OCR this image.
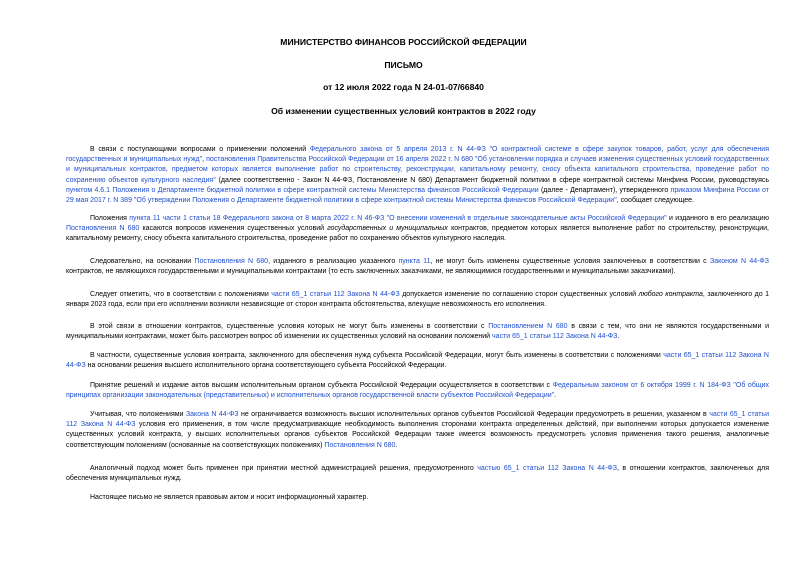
МИНИСТЕРСТВО ФИНАНСОВ РОССИЙСКОЙ ФЕДЕРАЦИИ
ПИСЬМО
от 12 июля 2022 года N 24-01-07/66840
Об изменении существенных условий контрактов в 2022 году

В связи с поступающими вопросами о применении положений Федерального закона от 5 апреля 2013 г. N 44-ФЗ "О контрактной системе в сфере закупок товаров, работ, услуг для обеспечения государственных и муниципальных нужд", постановления Правительства Российской Федерации от 16 апреля 2022 г. N 680 "Об установлении порядка и случаев изменения существенных условий государственных и муниципальных контрактов, предметом которых является выполнение работ по строительству, реконструкции, капитальному ремонту, сносу объекта капитального строительства, проведение работ по сохранению объектов культурного наследия" (далее соответственно - Закон N 44-ФЗ, Постановление N 680) Департамент бюджетной политики в сфере контрактной системы Минфина России, руководствуясь пунктом 4.6.1 Положения о Департаменте бюджетной политики в сфере контрактной системы Министерства финансов Российской Федерации (далее - Департамент), утвержденного приказом Минфина России от 29 мая 2017 г. N 389 "Об утверждении Положения о Департаменте бюджетной политики в сфере контрактной системы Министерства финансов Российской Федерации", сообщает следующее.

Положения пункта 11 части 1 статьи 18 Федерального закона от 8 марта 2022 г. N 46-ФЗ "О внесении изменений в отдельные законодательные акты Российской Федерации" и изданного в его реализацию Постановления N 680 касаются вопросов изменения существенных условий государственных и муниципальных контрактов, предметом которых является выполнение работ по строительству, реконструкции, капитальному ремонту, сносу объекта капитального строительства, проведение работ по сохранению объектов культурного наследия.

Следовательно, на основании Постановления N 680, изданного в реализацию указанного пункта 11, не могут быть изменены существенные условия заключенных в соответствии с Законом N 44-ФЗ контрактов, не являющихся государственными и муниципальными контрактами (то есть заключенных заказчиками, не являющимися государственными и муниципальными заказчиками).

Следует отметить, что в соответствии с положениями части 65_1 статьи 112 Закона N 44-ФЗ допускается изменение по соглашению сторон существенных условий любого контракта, заключенного до 1 января 2023 года, если при его исполнении возникли независящие от сторон контракта обстоятельства, влекущие невозможность его исполнения.

В этой связи в отношении контрактов, существенные условия которых не могут быть изменены в соответствии с Постановлением N 680 в связи с тем, что они не являются государственными и муниципальными контрактами, может быть рассмотрен вопрос об изменении их существенных условий на основании положений части 65_1 статьи 112 Закона N 44-ФЗ.

В частности, существенные условия контракта, заключенного для обеспечения нужд субъекта Российской Федерации, могут быть изменены в соответствии с положениями части 65_1 статьи 112 Закона N 44-ФЗ на основании решения высшего исполнительного органа соответствующего субъекта Российской Федерации.

Принятие решений и издание актов высшим исполнительным органом субъекта Российской Федерации осуществляется в соответствии с Федеральным законом от 6 октября 1999 г. N 184-ФЗ "Об общих принципах организации законодательных (представительных) и исполнительных органов государственной власти субъектов Российской Федерации".

Учитывая, что положениями Закона N 44-ФЗ не ограничивается возможность высших исполнительных органов субъектов Российской Федерации предусмотреть в решении, указанном в части 65_1 статьи 112 Закона N 44-ФЗ условия его применения, в том числе предусматривающие необходимость выполнения сторонами контракта определенных действий, при выполнении которых допускается изменение существенных условий контракта, у высших исполнительных органов субъектов Российской Федерации также имеется возможность предусмотреть условия применения такого решения, аналогичные соответствующим положениям (основанные на соответствующих положениях) Постановления N 680.

Аналогичный подход может быть применен при принятии местной администрацией решения, предусмотренного частью 65_1 статьи 112 Закона N 44-ФЗ, в отношении контрактов, заключенных для обеспечения муниципальных нужд.

Настоящее письмо не является правовым актом и носит информационный характер.
